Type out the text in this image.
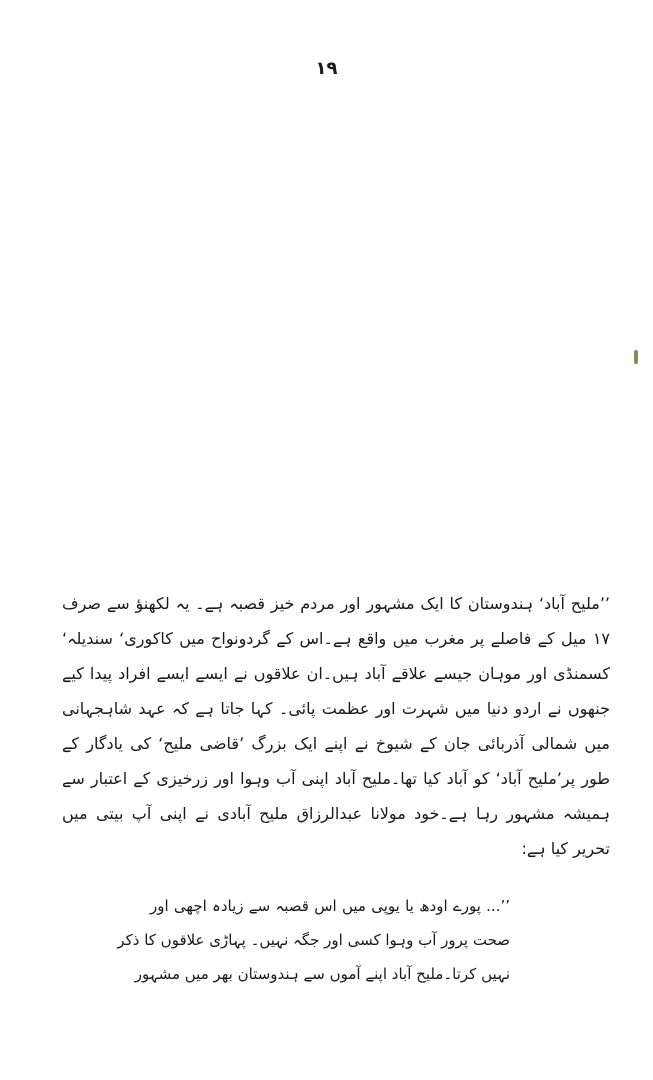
۱۹

’’ملیح آباد‘ ہندوستان کا ایک مشہور اور مردم خیز قصبہ ہے۔ یہ لکھنؤ سے صرف ۱۷ میل کے فاصلے پر مغرب میں واقع ہے۔اس کے گردونواح میں کاکوری‘ سندیلہ‘ کسمنڈی اور موہان جیسے علاقے آباد ہیں۔ان علاقوں نے ایسے ایسے افراد پیدا کیے جنھوں نے اردو دنیا میں شہرت اور عظمت پائی۔ کہا جاتا ہے کہ عہد شاہجہانی میں شمالی آذربائی جان کے شیوخ نے اپنے ایک بزرگ ’قاضی ملیح‘ کی یادگار کے طور پر’ملیح آباد‘ کو آباد کیا تھا۔ملیح آباد اپنی آب وہوا اور زرخیزی کے اعتبار سے ہمیشہ مشہور رہا ہے۔خود مولانا عبدالرزاق ملیح آبادی نے اپنی آپ بیتی میں تحریر کیا ہے:

’’... پورے اودھ یا یوپی میں اس قصبہ سے زیادہ اچھی اور
صحت پرور آب وہوا کسی اور جگہ نہیں۔ پہاڑی علاقوں کا ذکر
نہیں کرتا۔ملیح آباد اپنے آموں سے ہندوستان بھر میں مشہور
